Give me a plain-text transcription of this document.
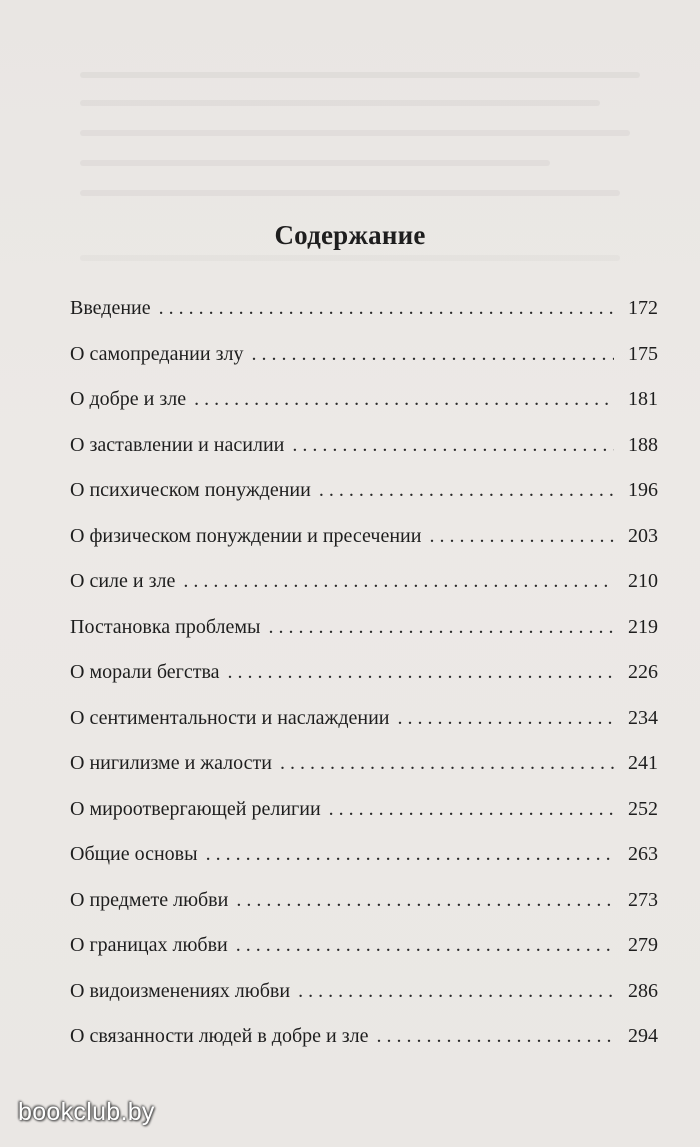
Содержание
Введение . . .	172
О самопредании злу . . .	175
О добре и зле . . .	181
О заставлении и насилии . . .	188
О психическом понуждении . . .	196
О физическом понуждении и пресечении . . .	203
О силе и зле . . .	210
Постановка проблемы . . .	219
О морали бегства . . .	226
О сентиментальности и наслаждении . . .	234
О нигилизме и жалости . . .	241
О мироотвергающей религии . . .	252
Общие основы . . .	263
О предмете любви . . .	273
О границах любви . . .	279
О видоизменениях любви . . .	286
О связанности людей в добре и зле . . .	294
bookclub.by
